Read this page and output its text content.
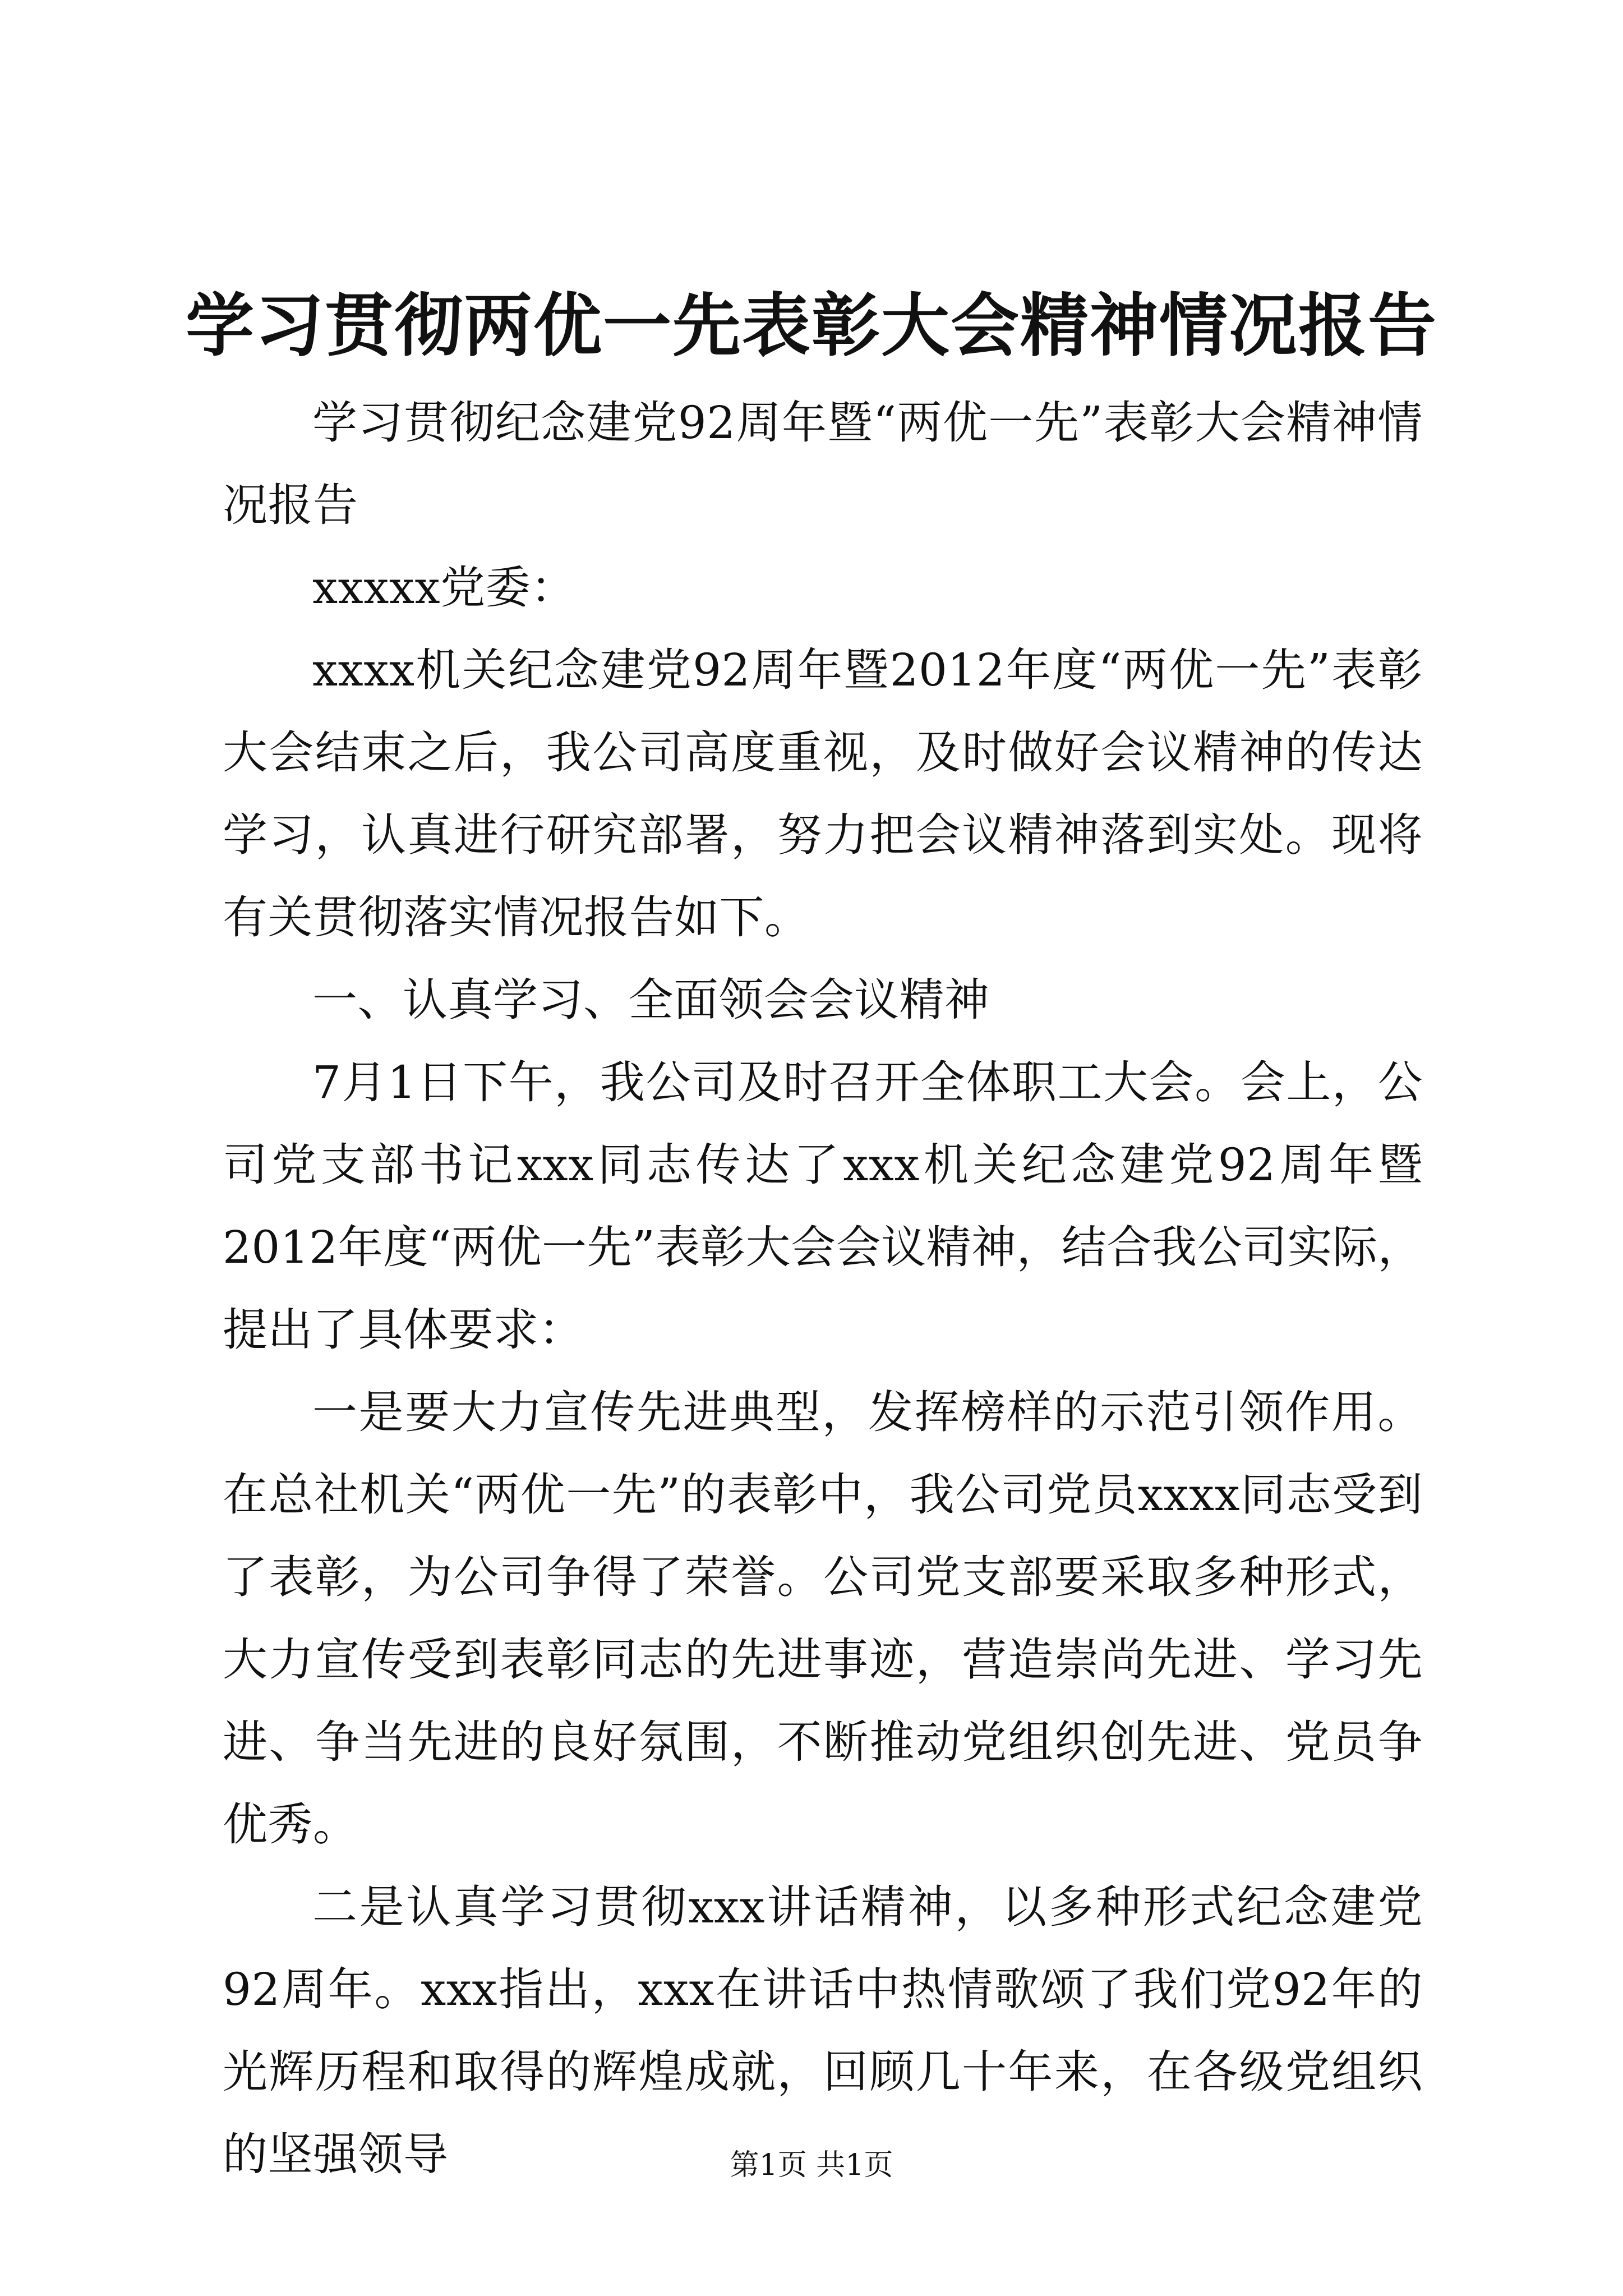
学习贯彻两优一先表彰大会精神情况报告

学习贯彻纪念建党92周年暨“两优一先”表彰大会精神情况报告

xxxxx党委：

xxxx机关纪念建党92周年暨2012年度“两优一先”表彰大会结束之后，我公司高度重视，及时做好会议精神的传达学习，认真进行研究部署，努力把会议精神落到实处。现将有关贯彻落实情况报告如下。

一、认真学习、全面领会会议精神

7月1日下午，我公司及时召开全体职工大会。会上，公司党支部书记xxx同志传达了xxx机关纪念建党92周年暨2012年度“两优一先”表彰大会会议精神，结合我公司实际，提出了具体要求：

一是要大力宣传先进典型，发挥榜样的示范引领作用。在总社机关“两优一先”的表彰中，我公司党员xxxx同志受到了表彰，为公司争得了荣誉。公司党支部要采取多种形式，大力宣传受到表彰同志的先进事迹，营造崇尚先进、学习先进、争当先进的良好氛围，不断推动党组织创先进、党员争优秀。

二是认真学习贯彻xxx讲话精神，以多种形式纪念建党92周年。xxx指出，xxx在讲话中热情歌颂了我们党92年的光辉历程和取得的辉煌成就，回顾几十年来，在各级党组织的坚强领导	第1页 共1页
